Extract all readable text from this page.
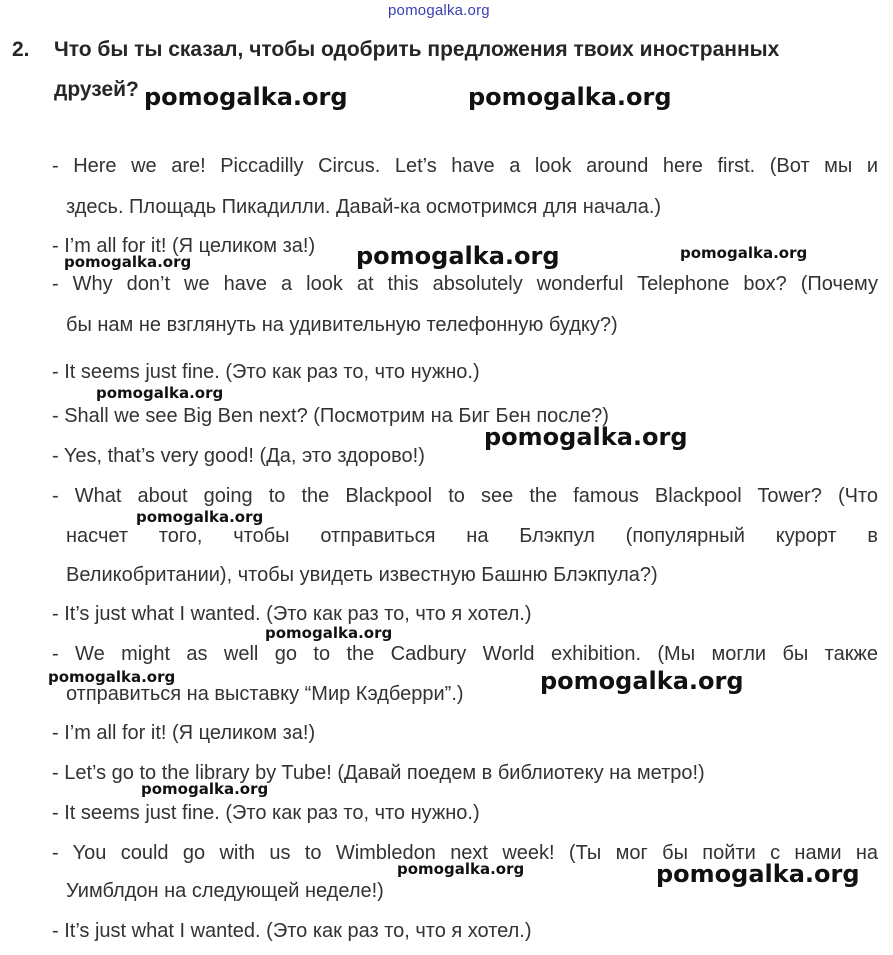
pomogalka.org
2. Что бы ты сказал, чтобы одобрить предложения твоих иностранных
друзей?
- Here we are! Piccadilly Circus. Let’s have a look around here first. (Вот мы и
здесь. Площадь Пикадилли. Давай-ка осмотримся для начала.)
- I’m all for it! (Я целиком за!)
- Why don’t we have a look at this absolutely wonderful Telephone box? (Почему
бы нам не взглянуть на удивительную телефонную будку?)
- It seems just fine. (Это как раз то, что нужно.)
- Shall we see Big Ben next? (Посмотрим на Биг Бен после?)
- Yes, that’s very good! (Да, это здорово!)
- What about going to the Blackpool to see the famous Blackpool Tower? (Что
насчет того, чтобы отправиться на Блэкпул (популярный курорт в
Великобритании), чтобы увидеть известную Башню Блэкпула?)
- It’s just what I wanted. (Это как раз то, что я хотел.)
- We might as well go to the Cadbury World exhibition. (Мы могли бы также
отправиться на выставку “Мир Кэдберри”.)
- I’m all for it! (Я целиком за!)
- Let’s go to the library by Tube! (Давай поедем в библиотеку на метро!)
- It seems just fine. (Это как раз то, что нужно.)
- You could go with us to Wimbledon next week! (Ты мог бы пойти с нами на
Уимблдон на следующей неделе!)
- It’s just what I wanted. (Это как раз то, что я хотел.)
pomogalka.org	pomogalka.org
pomogalka.org	pomogalka.org
pomogalka.org
pomogalka.org
pomogalka.org
pomogalka.org
pomogalka.org
pomogalka.org	pomogalka.org
pomogalka.org
pomogalka.org	pomogalka.org
